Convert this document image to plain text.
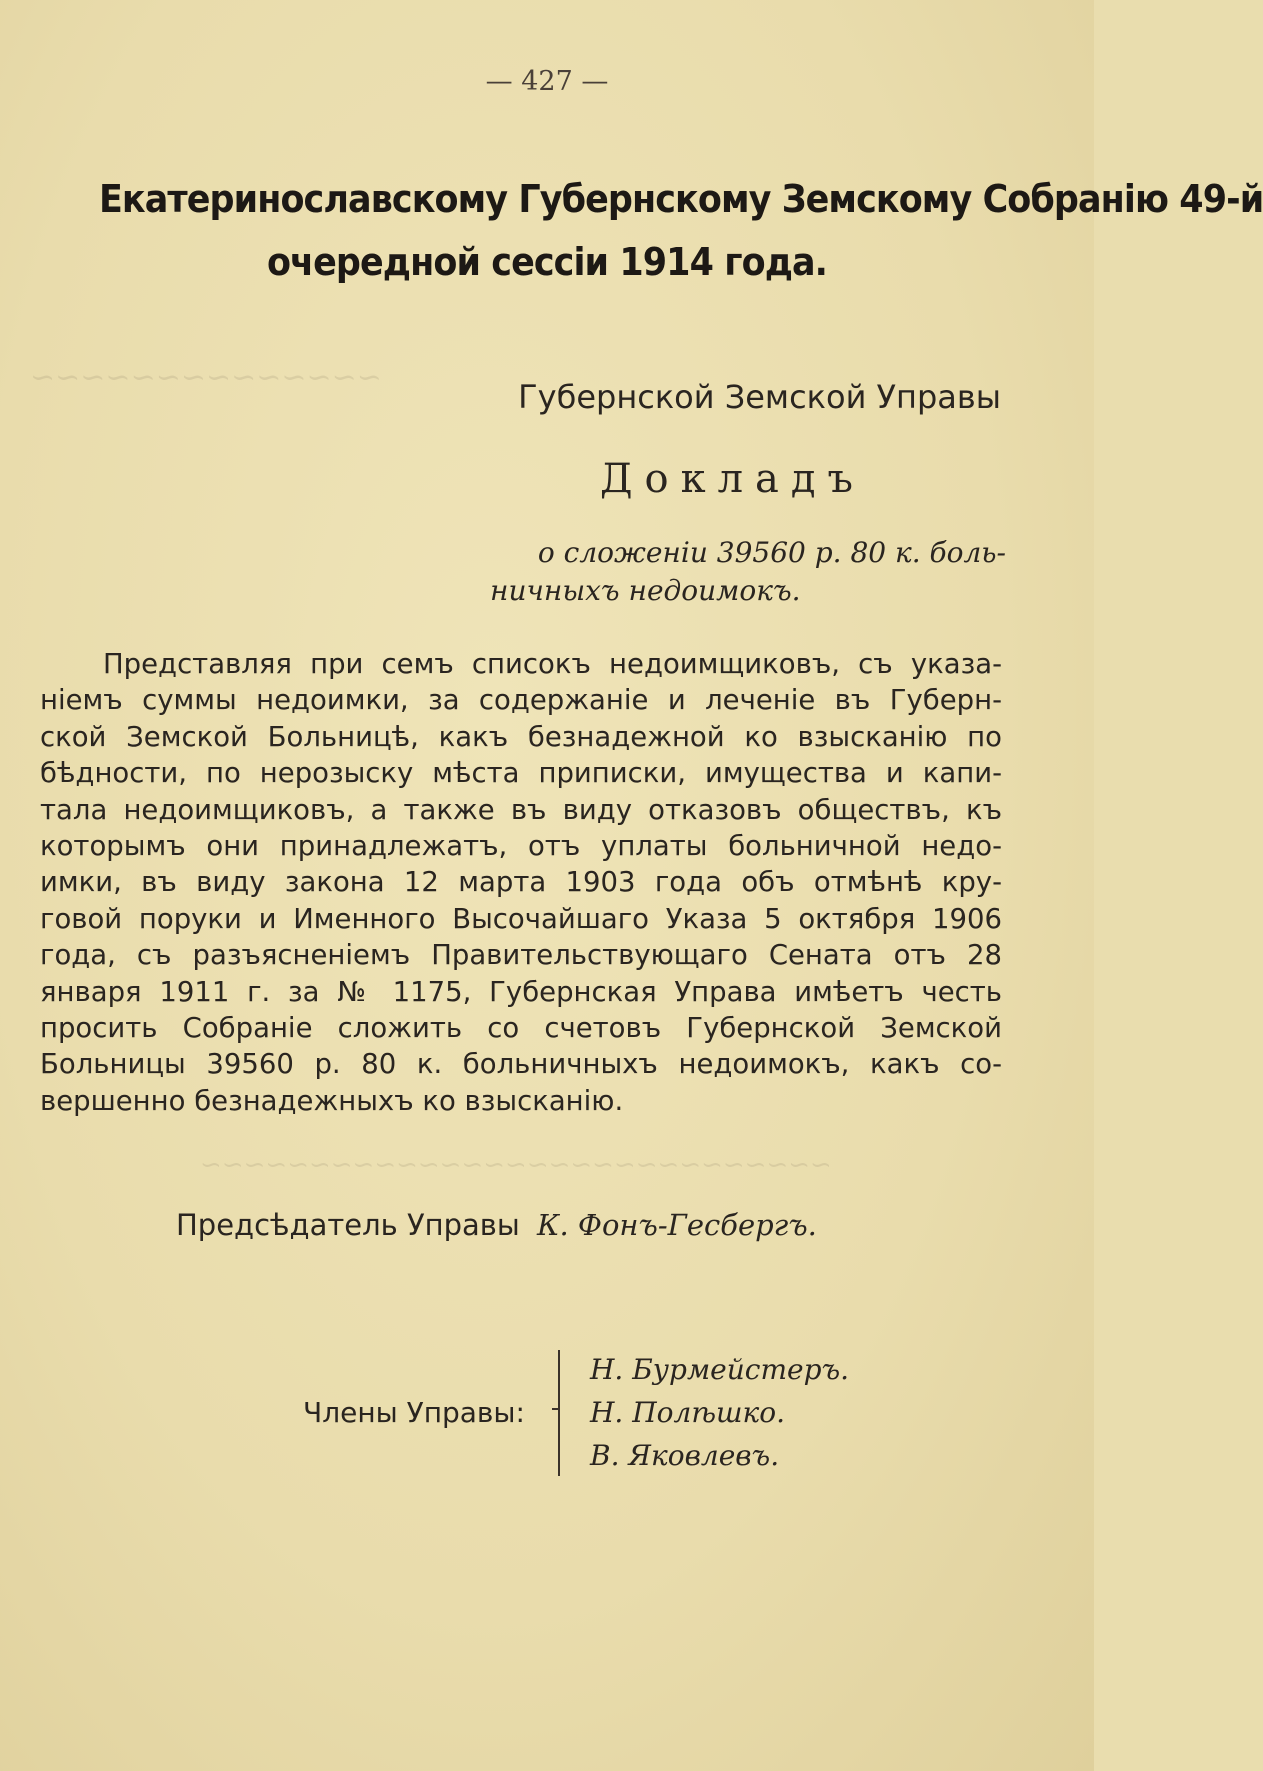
~~~~~~~~~~~~~~
~~~~~~~~~~~~~~~~~~~~~~~~~~~~~
— 427 —
Екатеринославскому Губернскому Земскому Собранію 49-й
очередной сессіи 1914 года.
Губернской Земской Управы
Докладъ
о сложеніи 39560 р. 80 к. боль-
ничныхъ недоимокъ.
Представляя при семъ списокъ недоимщиковъ, съ указа-
ніемъ суммы недоимки, за содержаніе и леченіе въ Губерн-
ской Земской Больницѣ, какъ безнадежной ко взысканію по
бѣдности, по нерозыску мѣста приписки, имущества и капи-
тала недоимщиковъ, а также въ виду отказовъ обществъ, къ
которымъ они принадлежатъ, отъ уплаты больничной недо-
имки, въ виду закона 12 марта 1903 года объ отмѣнѣ кру-
говой поруки и Именного Высочайшаго Указа 5 октября 1906
года, съ разъясненіемъ Правительствующаго Сената отъ 28
января 1911 г. за № 1175, Губернская Управа имѣетъ честь
просить Собраніе сложить со счетовъ Губернской Земской
Больницы 39560 р. 80 к. больничныхъ недоимокъ, какъ со-
вершенно безнадежныхъ ко взысканію.
Предсѣдатель Управы К. Фонъ-Гесбергъ.
Члены Управы:
Н. Бурмейстеръ.
Н. Полѣшко.
В. Яковлевъ.
